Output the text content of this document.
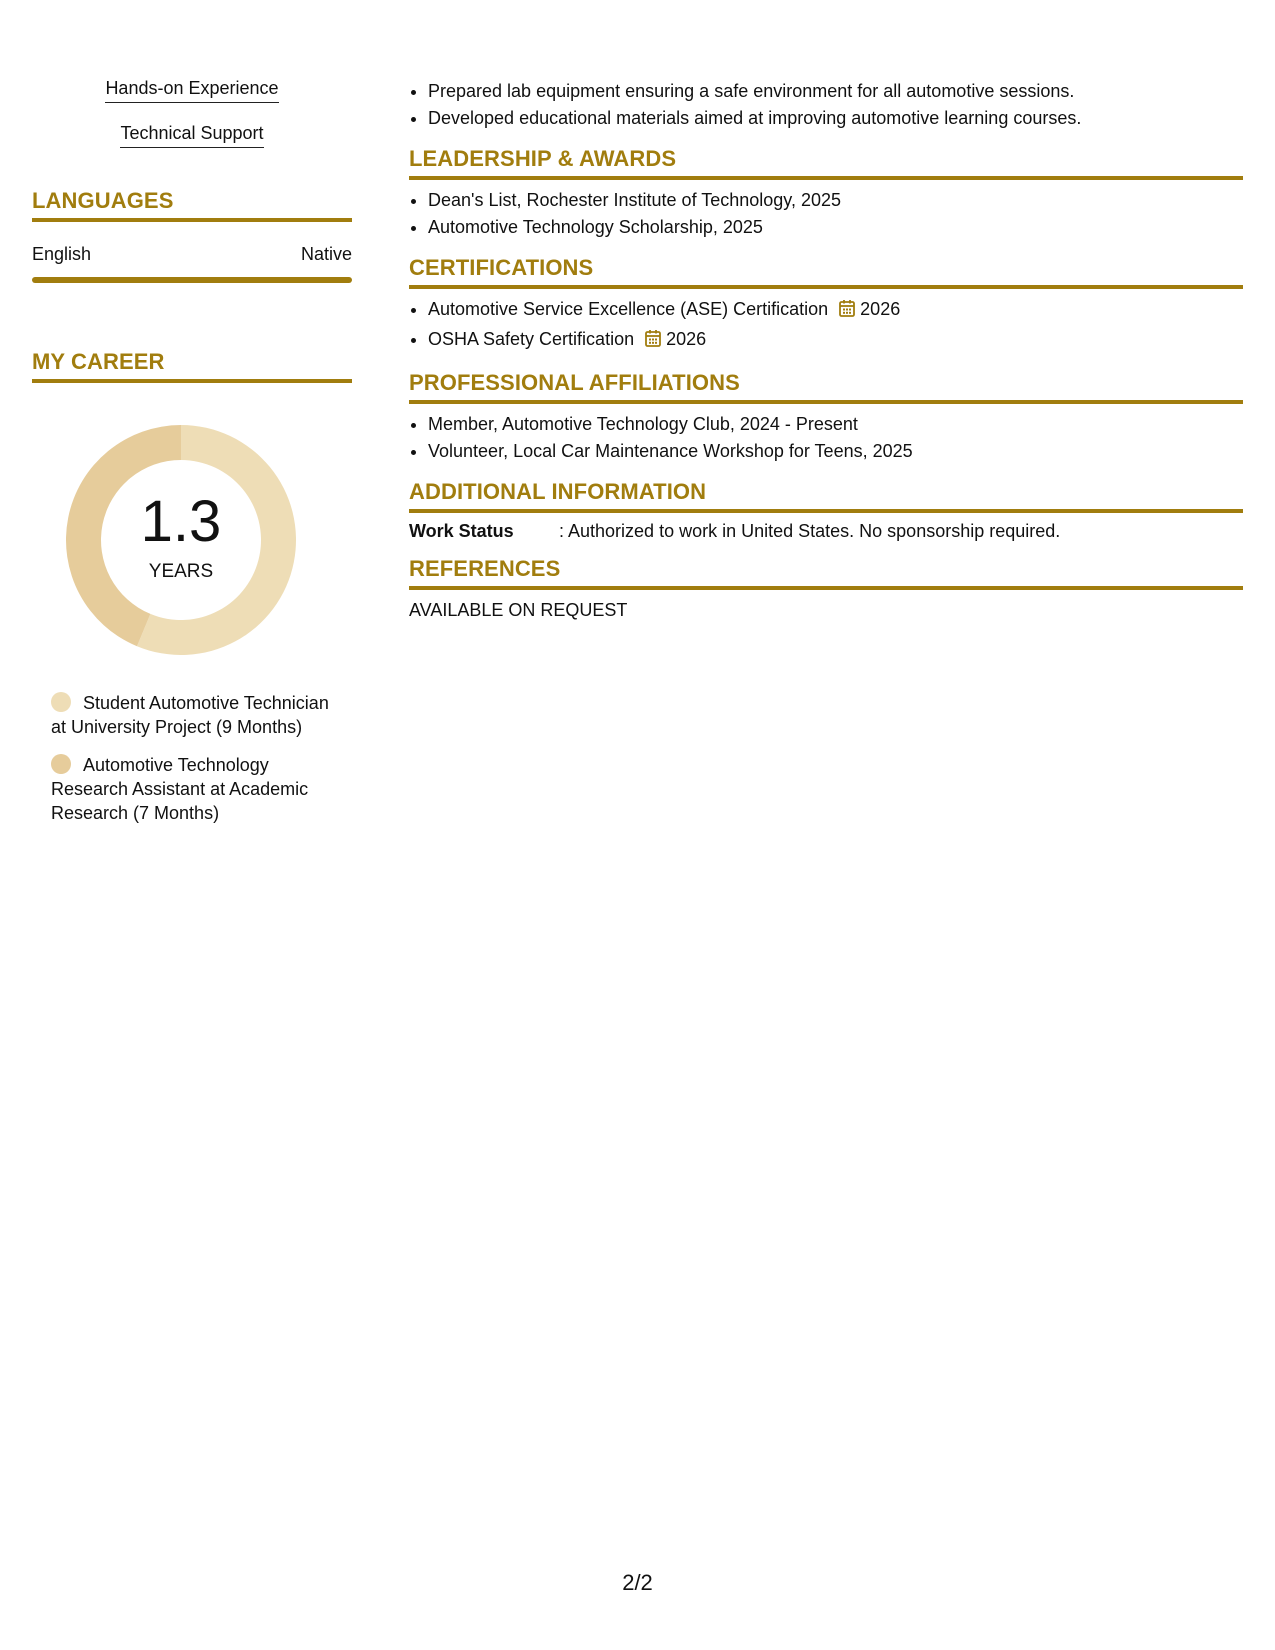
Hands-on Experience
Technical Support
LANGUAGES
English	Native
MY CAREER
1.3
YEARS
Student Automotive Technician at University Project (9 Months)
Automotive Technology Research Assistant at Academic Research (7 Months)
• Prepared lab equipment ensuring a safe environment for all automotive sessions.
• Developed educational materials aimed at improving automotive learning courses.
LEADERSHIP & AWARDS
• Dean's List, Rochester Institute of Technology, 2025
• Automotive Technology Scholarship, 2025
CERTIFICATIONS
• Automotive Service Excellence (ASE) Certification 2026
• OSHA Safety Certification 2026
PROFESSIONAL AFFILIATIONS
• Member, Automotive Technology Club, 2024 - Present
• Volunteer, Local Car Maintenance Workshop for Teens, 2025
ADDITIONAL INFORMATION
Work Status	: Authorized to work in United States. No sponsorship required.
REFERENCES
AVAILABLE ON REQUEST
2/2
